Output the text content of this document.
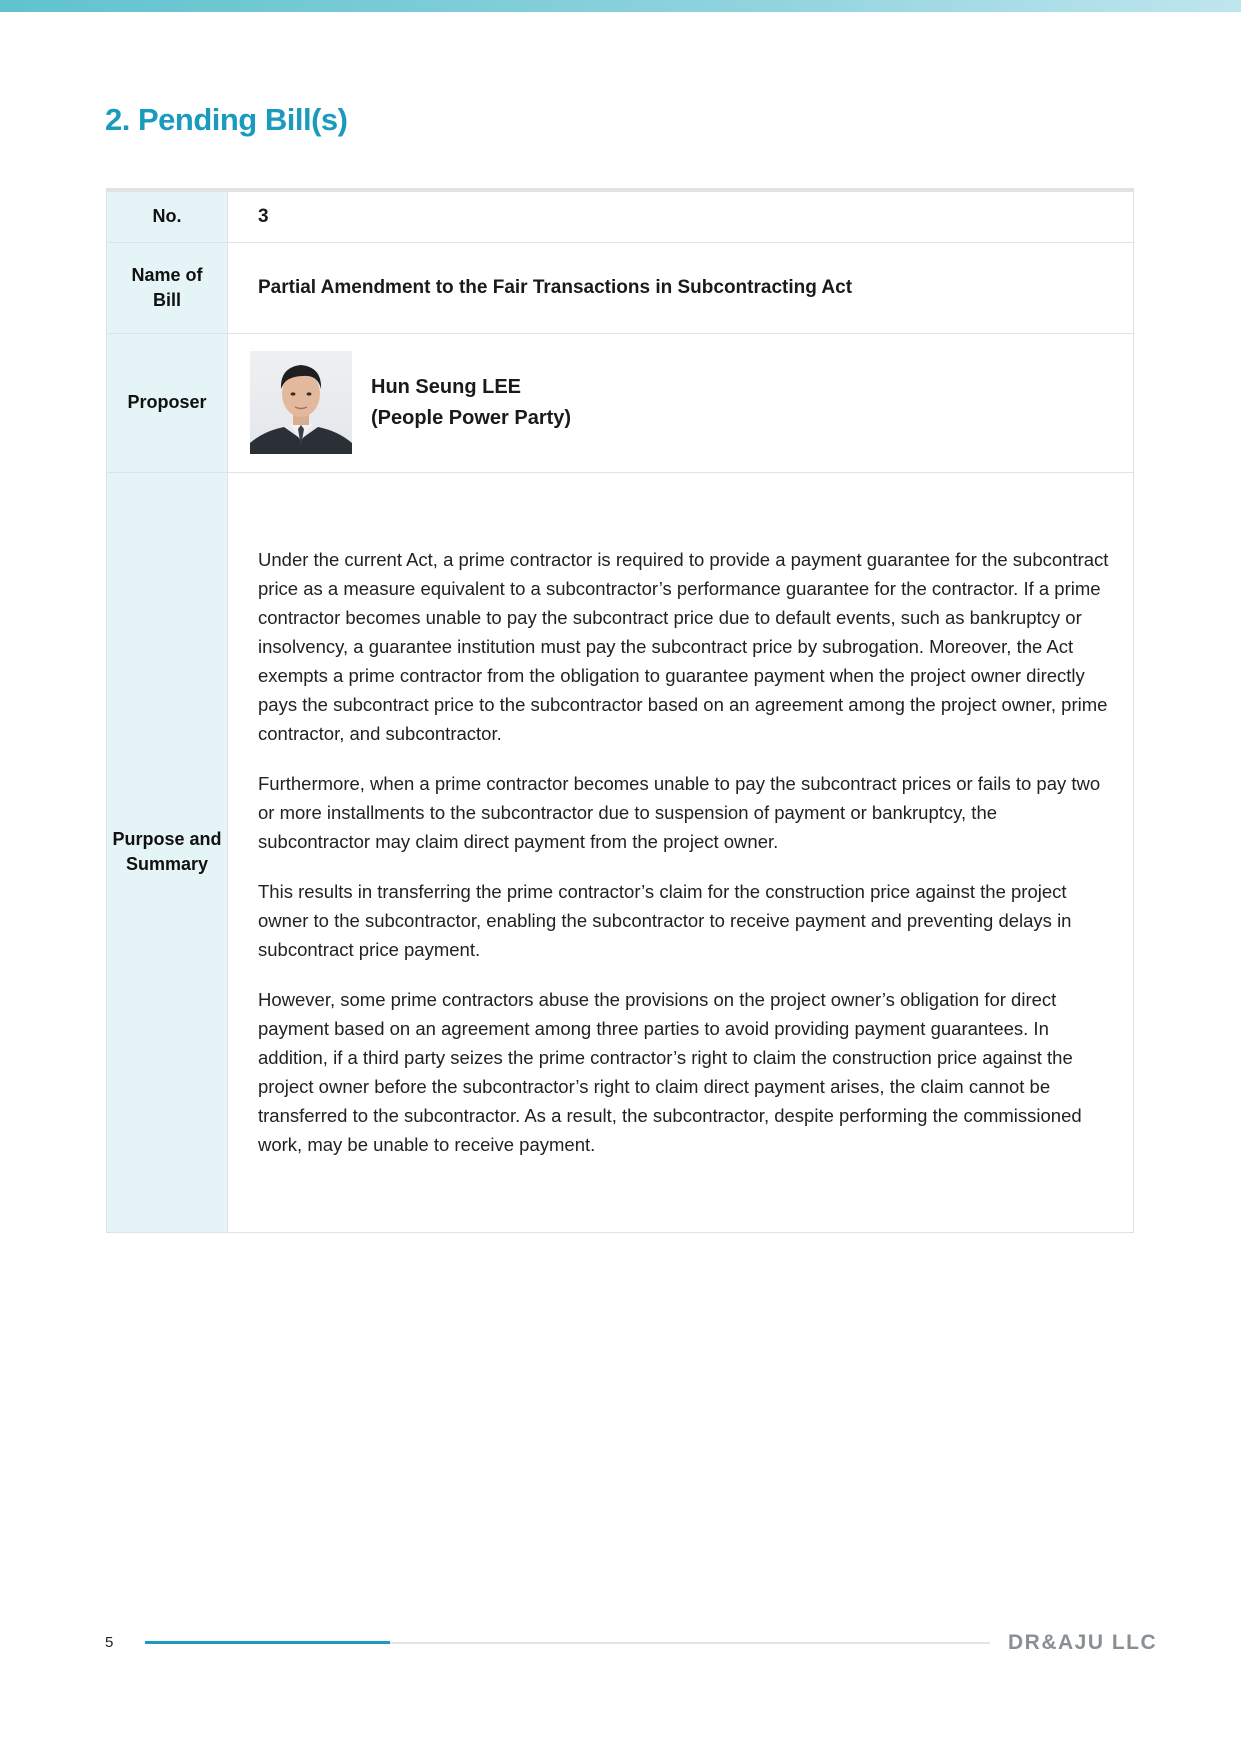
2. Pending Bill(s)
No.	3
Name of Bill	Partial Amendment to the Fair Transactions in Subcontracting Act
Proposer	Hun Seung LEE
(People Power Party)

Purpose and Summary	Under the current Act, a prime contractor is required to provide a payment guarantee for the subcontract price as a measure equivalent to a subcontractor’s performance guarantee for the contractor. If a prime contractor becomes unable to pay the subcontract price due to default events, such as bankruptcy or insolvency, a guarantee institution must pay the subcontract price by subrogation. Moreover, the Act exempts a prime contractor from the obligation to guarantee payment when the project owner directly pays the subcontract price to the subcontractor based on an agreement among the project owner, prime contractor, and subcontractor.

Furthermore, when a prime contractor becomes unable to pay the subcontract prices or fails to pay two or more installments to the subcontractor due to suspension of payment or bankruptcy, the subcontractor may claim direct payment from the project owner.

This results in transferring the prime contractor’s claim for the construction price against the project owner to the subcontractor, enabling the subcontractor to receive payment and preventing delays in subcontract price payment.

However, some prime contractors abuse the provisions on the project owner’s obligation for direct payment based on an agreement among three parties to avoid providing payment guarantees. In addition, if a third party seizes the prime contractor’s right to claim the construction price against the project owner before the subcontractor’s right to claim direct payment arises, the claim cannot be transferred to the subcontractor. As a result, the subcontractor, despite performing the commissioned work, may be unable to receive payment.

5	DR&AJU LLC
